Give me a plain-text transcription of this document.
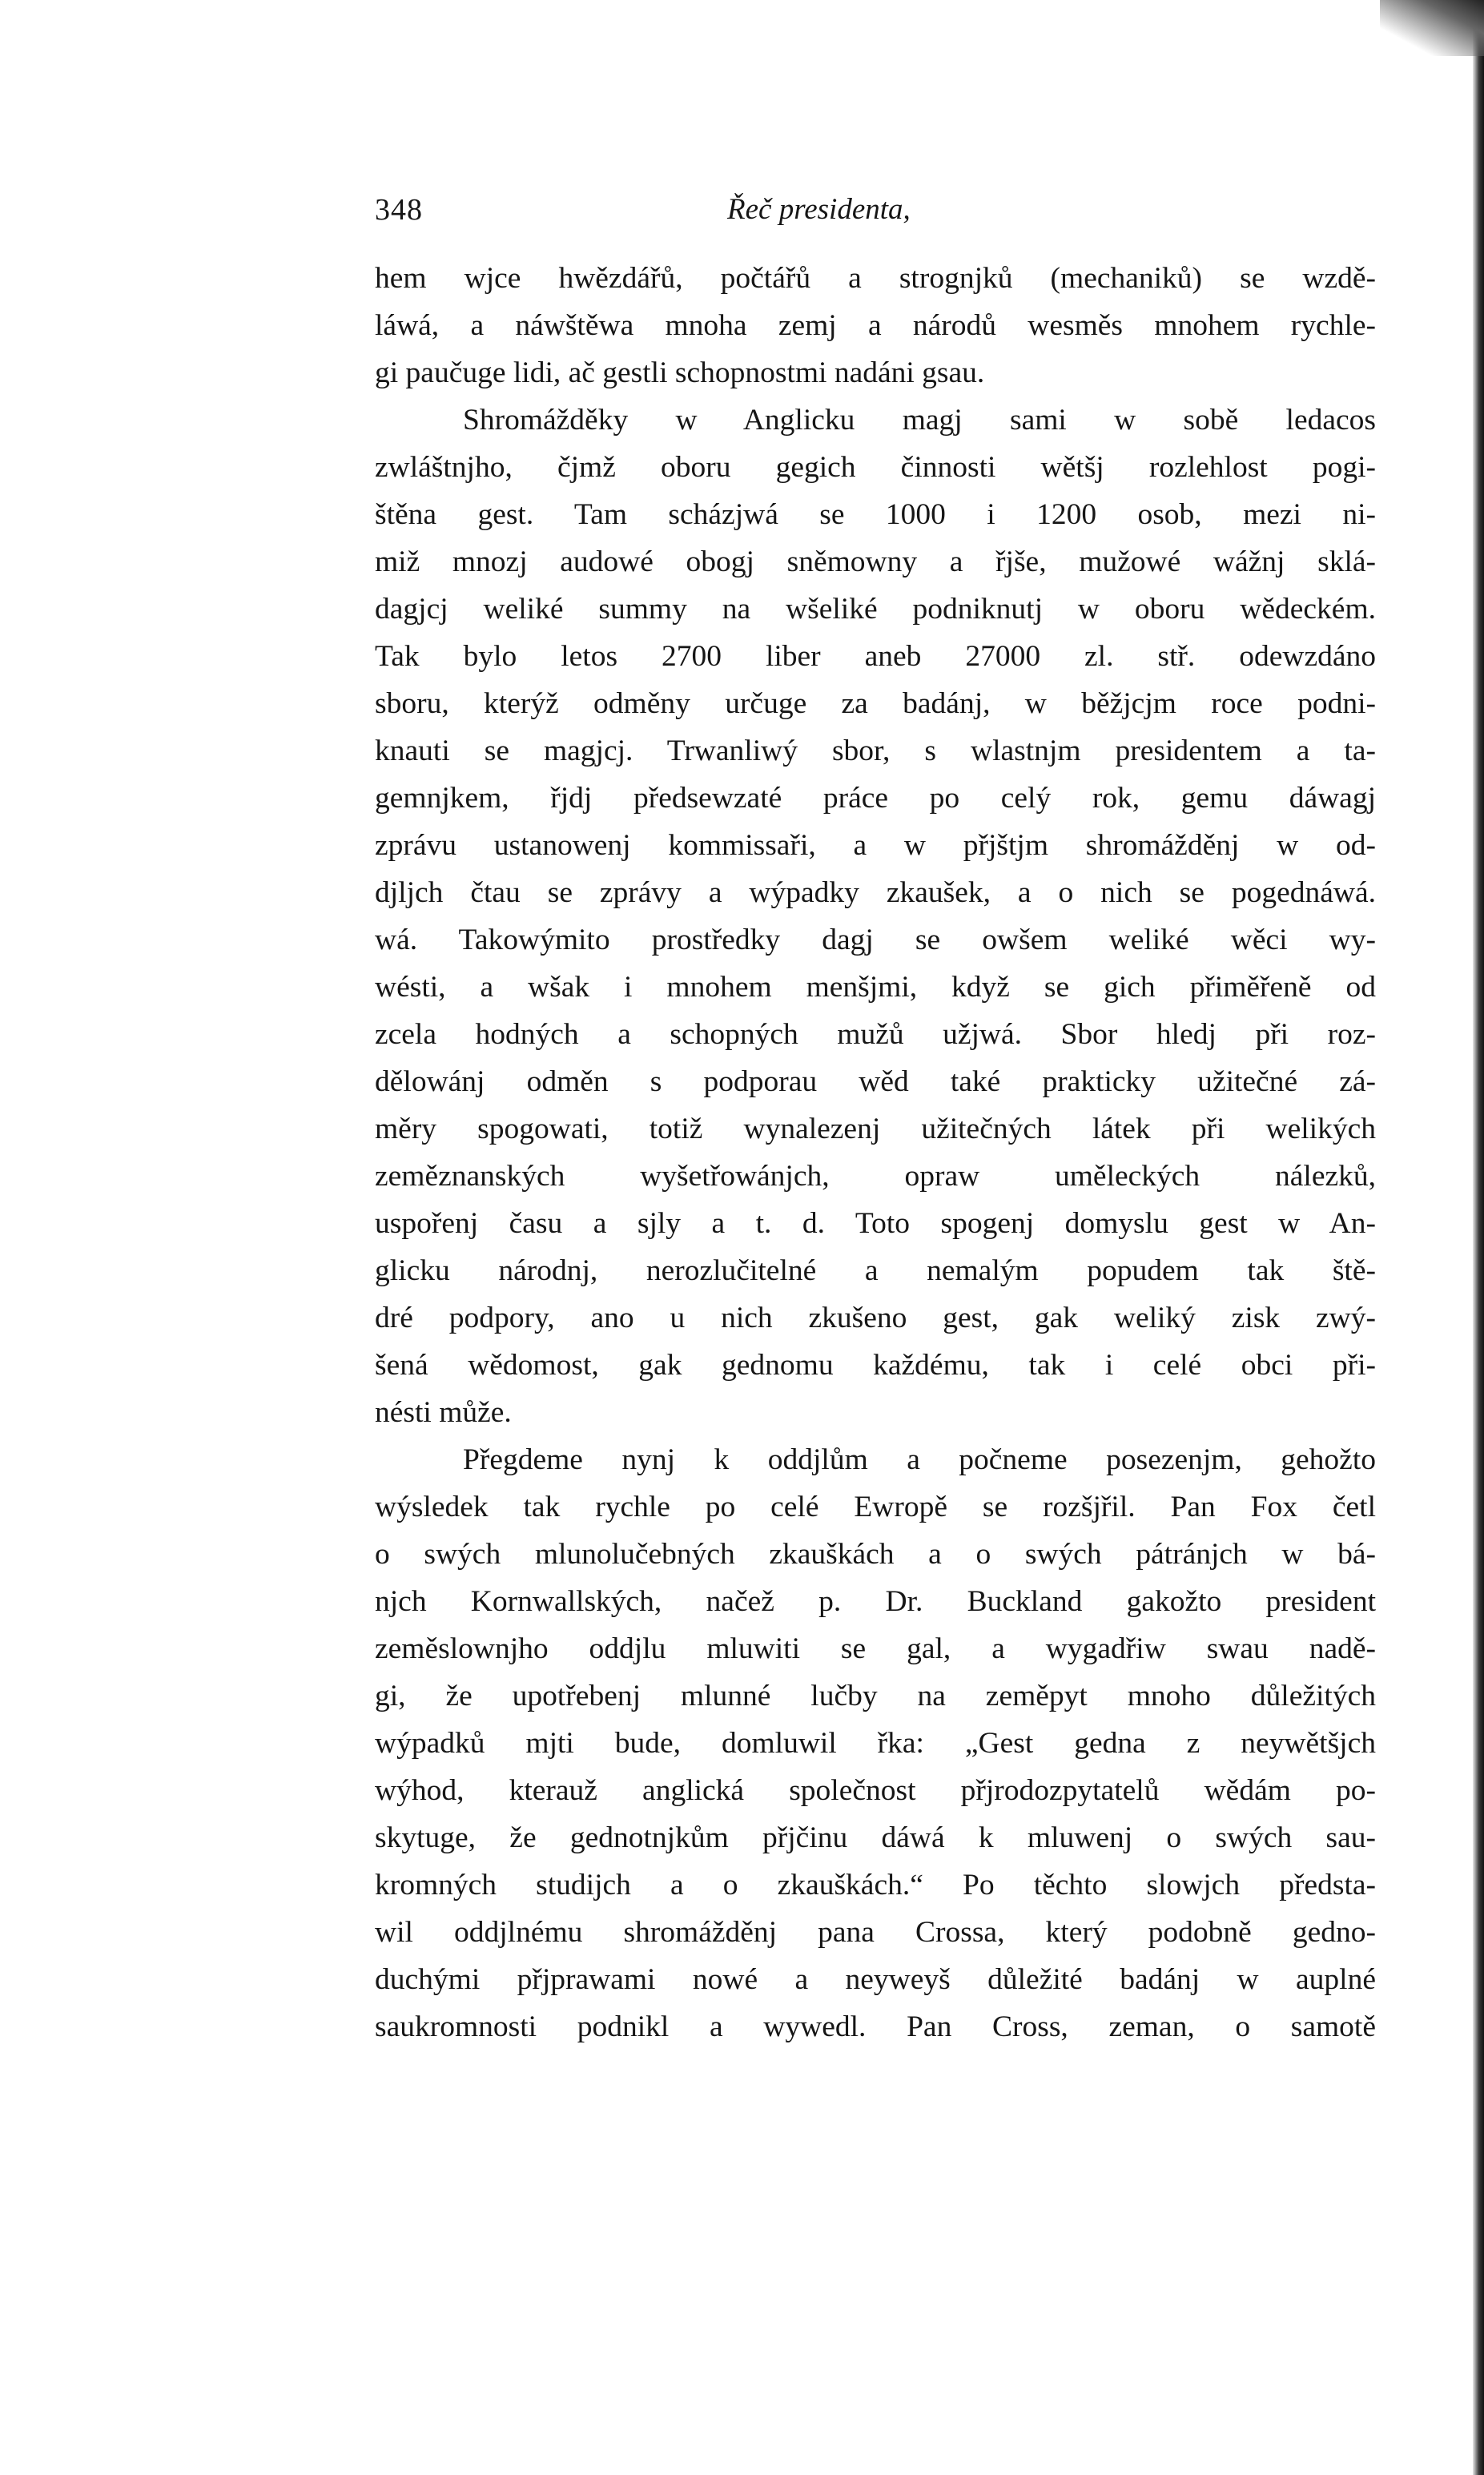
348	Řeč presidenta,
hem wjce hwězdářů, počtářů a strognjků (mechaniků) se wzdě-
láwá, a náwštěwa mnoha zemj a národů wesměs mnohem rychle-
gi paučuge lidi, ač gestli schopnostmi nadáni gsau.
Shromážděky w Anglicku magj sami w sobě ledacos
zwláštnjho, čjmž oboru gegich činnosti wětšj rozlehlost pogi-
štěna gest. Tam scházjwá se 1000 i 1200 osob, mezi ni-
miž mnozj audowé obogj sněmowny a řjše, mužowé wážnj sklá-
dagjcj weliké summy na wšeliké podniknutj w oboru wědeckém.
Tak bylo letos 2700 liber aneb 27000 zl. stř. odewzdáno
sboru, kterýž odměny určuge za badánj, w běžjcjm roce podni-
knauti se magjcj. Trwanliwý sbor, s wlastnjm presidentem a ta-
gemnjkem, řjdj předsewzaté práce po celý rok, gemu dáwagj
zprávu ustanowenj kommissaři, a w přjštjm shromážděnj w od-
djljch čtau se zprávy a wýpadky zkaušek, a o nich se pogednáwá.
wá. Takowýmito prostředky dagj se owšem weliké wěci wy-
wésti, a wšak i mnohem menšjmi, když se gich přiměřeně od
zcela hodných a schopných mužů užjwá. Sbor hledj při roz-
dělowánj odměn s podporau wěd také prakticky užitečné zá-
měry spogowati, totiž wynalezenj užitečných látek při welikých
zeměznanských wyšetřowánjch, opraw uměleckých nálezků,
uspořenj času a sjly a t. d. Toto spogenj domyslu gest w An-
glicku národnj, nerozlučitelné a nemalým popudem tak ště-
dré podpory, ano u nich zkušeno gest, gak weliký zisk zwý-
šená wědomost, gak gednomu každému, tak i celé obci při-
nésti může.
Přegdeme nynj k oddjlům a počneme posezenjm, gehožto
wýsledek tak rychle po celé Ewropě se rozšjřil. Pan Fox četl
o swých mlunolučebných zkauškách a o swých pátránjch w bá-
njch Kornwallských, načež p. Dr. Buckland gakožto president
zeměslownjho oddjlu mluwiti se gal, a wygadřiw swau nadě-
gi, že upotřebenj mlunné lučby na zeměpyt mnoho důležitých
wýpadků mjti bude, domluwil řka: „Gest gedna z neywětšjch
wýhod, kterauž anglická společnost přjrodozpytatelů wědám po-
skytuge, že gednotnjkům přjčinu dáwá k mluwenj o swých sau-
kromných studijch a o zkauškách.“ Po těchto slowjch předsta-
wil oddjlnému shromážděnj pana Crossa, který podobně gedno-
duchými přjprawami nowé a neyweyš důležité badánj w auplné
saukromnosti podnikl a wywedl. Pan Cross, zeman, o samotě
